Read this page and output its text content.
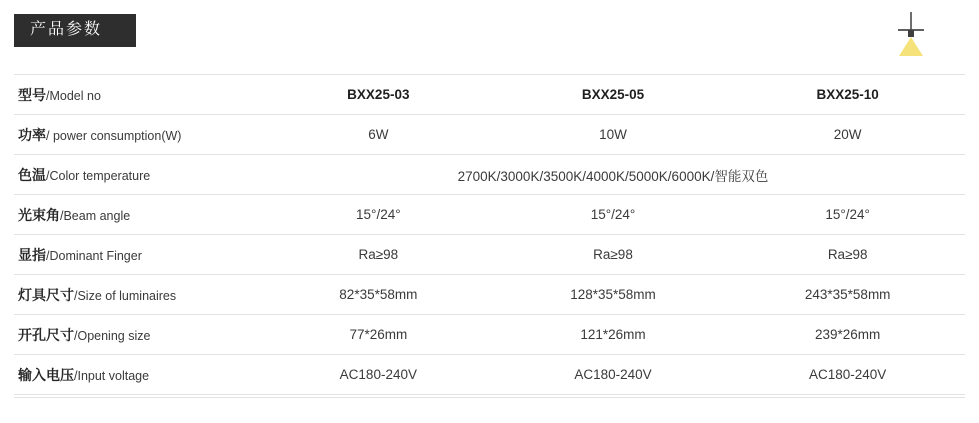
产品参数
型号/Model no	BXX25-03	BXX25-05	BXX25-10
功率/ power consumption(W)	6W	10W	20W
色温/Color temperature	2700K/3000K/3500K/4000K/5000K/6000K/智能双色		
光束角/Beam angle	15°/24°	15°/24°	15°/24°
显指/Dominant Finger	Ra≥98	Ra≥98	Ra≥98
灯具尺寸/Size of luminaires	82*35*58mm	128*35*58mm	243*35*58mm
开孔尺寸/Opening size	77*26mm	121*26mm	239*26mm
输入电压/Input voltage	AC180-240V	AC180-240V	AC180-240V
